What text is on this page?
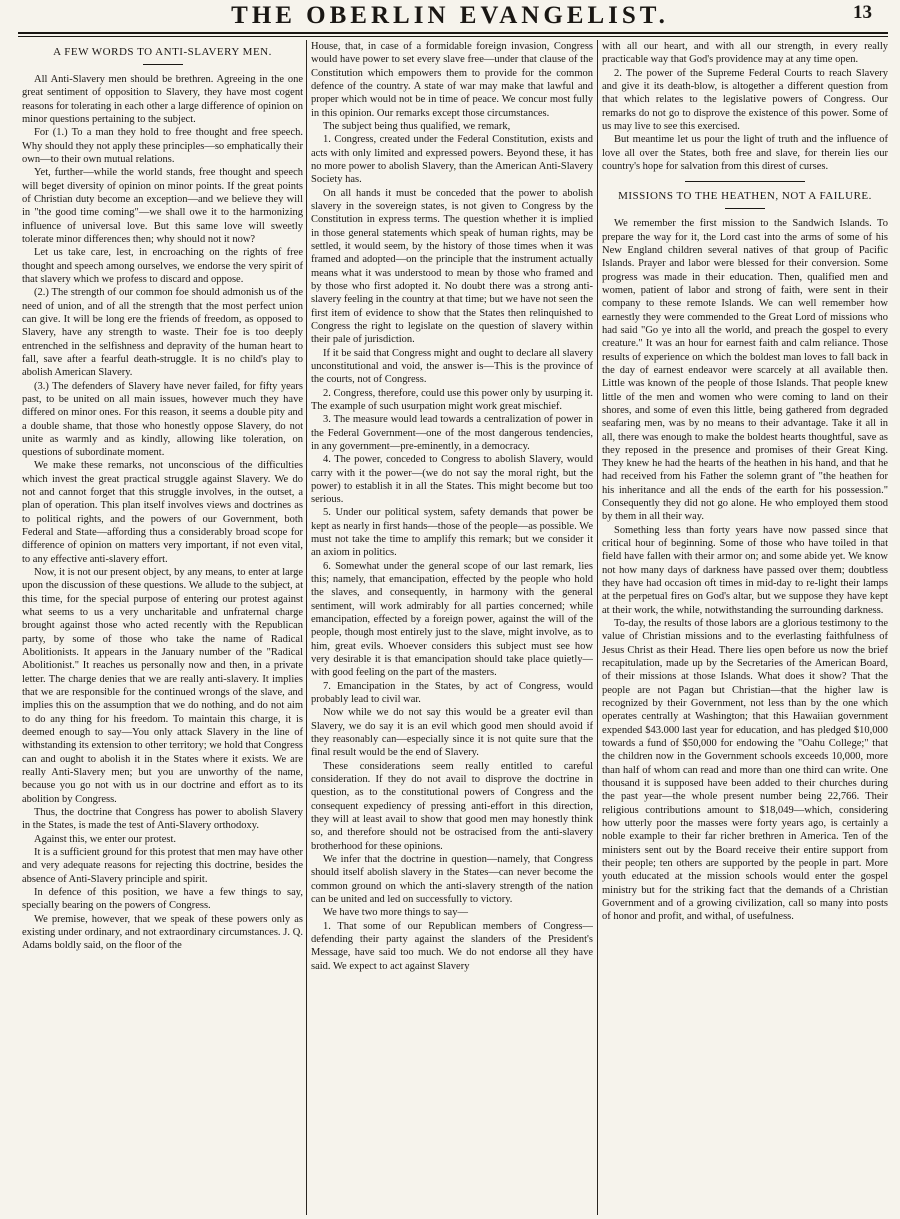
THE OBERLIN EVANGELIST.	13
A FEW WORDS TO ANTI-SLAVERY MEN.

All Anti-Slavery men should be brethren. Agreeing in the one great sentiment of opposition to Slavery, they have most cogent reasons for tolerating in each other a large difference of opinion on minor questions pertaining to the subject.

For (1.) To a man they hold to free thought and free speech. Why should they not apply these principles—so emphatically their own—to their own mutual relations.

Yet, further—while the world stands, free thought and speech will beget diversity of opinion on minor points. If the great points of Christian duty become an exception—and we believe they will in "the good time coming"—we shall owe it to the harmonizing influence of universal love. But this same love will sweetly tolerate minor differences then; why should not it now?

Let us take care, lest, in encroaching on the rights of free thought and speech among ourselves, we endorse the very spirit of that slavery which we profess to discard and oppose.

(2.) The strength of our common foe should admonish us of the need of union, and of all the strength that the most perfect union can give. It will be long ere the friends of freedom, as opposed to Slavery, have any strength to waste. Their foe is too deeply entrenched in the selfishness and depravity of the human heart to fall, save after a fearful death-struggle. It is no child's play to abolish American Slavery.

(3.) The defenders of Slavery have never failed, for fifty years past, to be united on all main issues, however much they have differed on minor ones. For this reason, it seems a double pity and a double shame, that those who honestly oppose Slavery, do not unite as warmly and as kindly, allowing like toleration, on questions of subordinate moment.

We make these remarks, not unconscious of the difficulties which invest the great practical struggle against Slavery. We do not and cannot forget that this struggle involves, in the outset, a plan of operation. This plan itself involves views and doctrines as to political rights, and the powers of our Government, both Federal and State—affording thus a considerably broad scope for difference of opinion on matters very important, if not even vital, to any effective anti-slavery effort.

Now, it is not our present object, by any means, to enter at large upon the discussion of these questions. We allude to the subject, at this time, for the special purpose of entering our protest against what seems to us a very uncharitable and unfraternal charge brought against those who acted recently with the Republican party, by some of those who take the name of Radical Abolitionists. It appears in the January number of the "Radical Abolitionist." It reaches us personally now and then, in a private letter. The charge denies that we are really anti-slavery. It implies that we are responsible for the continued wrongs of the slave, and implies this on the assumption that we do nothing, and do not aim to do any thing for his freedom. To maintain this charge, it is deemed enough to say—You only attack Slavery in the line of withstanding its extension to other territory; we hold that Congress can and ought to abolish it in the States where it exists. We are really Anti-Slavery men; but you are unworthy of the name, because you go not with us in our doctrine and effort as to its abolition by Congress.

Thus, the doctrine that Congress has power to abolish Slavery in the States, is made the test of Anti-Slavery orthodoxy.

Against this, we enter our protest.

It is a sufficient ground for this protest that men may have other and very adequate reasons for rejecting this doctrine, besides the absence of Anti-Slavery principle and spirit.

In defence of this position, we have a few things to say, specially bearing on the powers of Congress.

We premise, however, that we speak of these powers only as existing under ordinary, and not extraordinary circumstances. J. Q. Adams boldly said, on the floor of the

House, that, in case of a formidable foreign invasion, Congress would have power to set every slave free—under that clause of the Constitution which empowers them to provide for the common defence of the country. A state of war may make that lawful and proper which would not be in time of peace. We concur most fully in this opinion. Our remarks except those circumstances.

The subject being thus qualified, we remark,

1. Congress, created under the Federal Constitution, exists and acts with only limited and expressed powers. Beyond these, it has no more power to abolish Slavery, than the American Anti-Slavery Society has.

On all hands it must be conceded that the power to abolish slavery in the sovereign states, is not given to Congress by the Constitution in express terms. The question whether it is implied in those general statements which speak of human rights, may be settled, it would seem, by the history of those times when it was framed and adopted—on the principle that the instrument actually means what it was understood to mean by those who framed and by those who first adopted it. No doubt there was a strong anti-slavery feeling in the country at that time; but we have not seen the first item of evidence to show that the States then relinquished to Congress the right to legislate on the question of slavery within their pale of jurisdiction.

If it be said that Congress might and ought to declare all slavery unconstitutional and void, the answer is—This is the province of the courts, not of Congress.

2. Congress, therefore, could use this power only by usurping it. The example of such usurpation might work great mischief.

3. The measure would lead towards a centralization of power in the Federal Government—one of the most dangerous tendencies, in any government—pre-eminently, in a democracy.

4. The power, conceded to Congress to abolish Slavery, would carry with it the power—(we do not say the moral right, but the power) to establish it in all the States. This might become but too serious.

5. Under our political system, safety demands that power be kept as nearly in first hands—those of the people—as possible. We must not take the time to amplify this remark; but we consider it an axiom in politics.

6. Somewhat under the general scope of our last remark, lies this; namely, that emancipation, effected by the people who hold the slaves, and consequently, in harmony with the general sentiment, will work admirably for all parties concerned; while emancipation, effected by a foreign power, against the will of the people, though most entirely just to the slave, might involve, as to him, great evils. Whoever considers this subject must see how very desirable it is that emancipation should take place quietly—with good feeling on the part of the masters.

7. Emancipation in the States, by act of Congress, would probably lead to civil war.

Now while we do not say this would be a greater evil than Slavery, we do say it is an evil which good men should avoid if they reasonably can—especially since it is not quite sure that the final result would be the end of Slavery.

These considerations seem really entitled to careful consideration. If they do not avail to disprove the doctrine in question, as to the constitutional powers of Congress and the consequent expediency of pressing anti-effort in this direction, they will at least avail to show that good men may honestly think so, and therefore should not be ostracised from the anti-slavery brotherhood for these opinions.

We infer that the doctrine in question—namely, that Congress should itself abolish slavery in the States—can never become the common ground on which the anti-slavery strength of the nation can be united and led on successfully to victory.

We have two more things to say—

1. That some of our Republican members of Congress—defending their party against the slanders of the President's Message, have said too much. We do not endorse all they have said. We expect to act against Slavery

with all our heart, and with all our strength, in every really practicable way that God's providence may at any time open.

2. The power of the Supreme Federal Courts to reach Slavery and give it its death-blow, is altogether a different question from that which relates to the legislative powers of Congress. Our remarks do not go to disprove the existence of this power. Some of us may live to see this exercised.

But meantime let us pour the light of truth and the influence of love all over the States, both free and slave, for therein lies our country's hope for salvation from this direst of curses.

MISSIONS TO THE HEATHEN, NOT A FAILURE.

We remember the first mission to the Sandwich Islands. To prepare the way for it, the Lord cast into the arms of some of his New England children several natives of that group of Pacific Islands. Prayer and labor were blessed for their conversion. Some progress was made in their education. Then, qualified men and women, patient of labor and strong of faith, were sent in their company to these remote Islands. We can well remember how earnestly they were commended to the Great Lord of missions who had said "Go ye into all the world, and preach the gospel to every creature." It was an hour for earnest faith and calm reliance. Those results of experience on which the boldest man loves to fall back in the day of earnest endeavor were scarcely at all available then. Little was known of the people of those Islands. That people knew little of the men and women who were coming to land on their shores, and some of even this little, being gathered from degraded seafaring men, was by no means to their advantage. Take it all in all, there was enough to make the boldest hearts thoughtful, save as they reposed in the presence and promises of their Great King. They knew he had the hearts of the heathen in his hand, and that he had received from his Father the solemn grant of "the heathen for his inheritance and all the ends of the earth for his possession." Consequently they did not go alone. He who employed them stood by them in all their way.

Something less than forty years have now passed since that critical hour of beginning. Some of those who have toiled in that field have fallen with their armor on; and some abide yet. We know not how many days of darkness have passed over them; doubtless they have had occasion oft times in mid-day to re-light their lamps at the perpetual fires on God's altar, but we suppose they have kept at their work, the while, notwithstanding the surrounding darkness.

To-day, the results of those labors are a glorious testimony to the value of Christian missions and to the everlasting faithfulness of Jesus Christ as their Head. There lies open before us now the brief recapitulation, made up by the Secretaries of the American Board, of their missions at those Islands. What does it show? That the people are not Pagan but Christian—that the higher law is recognized by their Government, not less than by the one which operates centrally at Washington; that this Hawaiian government expended $43.000 last year for education, and has pledged $10,000 towards a fund of $50,000 for endowing the "Oahu College;" that the children now in the Government schools exceeds 10,000, more than half of whom can read and more than one third can write. One thousand it is supposed have been added to their churches during the past year—the whole present number being 22,766. Their religious contributions amount to $18,049—which, considering how utterly poor the masses were forty years ago, is certainly a noble example to their far richer brethren in America. Ten of the ministers sent out by the Board receive their entire support from their people; ten others are supported by the people in part. More youth educated at the mission schools would enter the gospel ministry but for the striking fact that the demands of a Christian Government and of a growing civilization, call so many into posts of honor and profit, and withal, of usefulness.
